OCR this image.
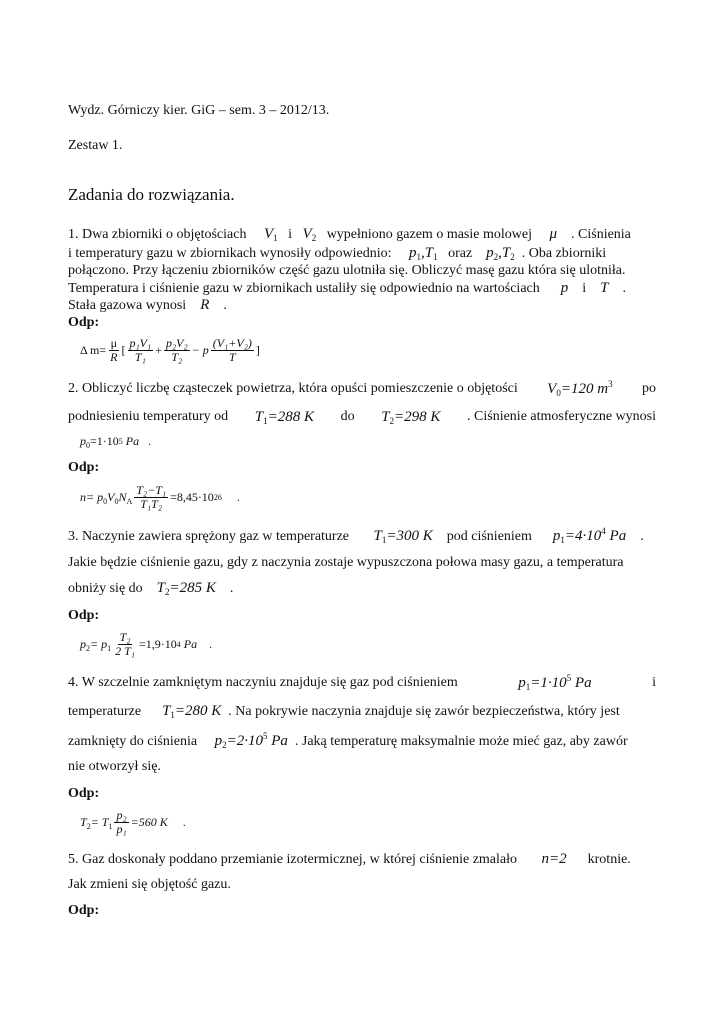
Wydz. Górniczy kier. GiG – sem. 3 – 2012/13.
Zestaw 1.
Zadania do rozwiązania.
1. Dwa zbiorniki o objętościach $V_1$ i $V_2$ wypełniono gazem o masie molowej μ . Ciśnienia
i temperatury gazu w zbiornikach wynosiły odpowiednio: $p_1,T_1$ oraz $p_2,T_2$ . Oba zbiorniki
połączono. Przy łączeniu zbiorników część gazu ulotniła się. Obliczyć masę gazu która się ulotniła.
Temperatura i ciśnienie gazu w zbiornikach ustaliły się odpowiednio na wartościach p i T .
Stała gazowa wynosi R .
Odp:
Δ $m= \frac{\mu}{R}$ [ $\frac{\text{p₁V₁}}{\text{T₁}} + \frac{\text{p₂V₂}}{\text{T₂}} - p \frac{\text{(V₁+V₂)}}{T}$ ]
2. Obliczyć liczbę cząsteczek powietrza, która opuści pomieszczenie o objętości $V_0=120$ $m^3$ po
podniesieniu temperatury od $T_1=288$ K do $T_2=298$ K . Ciśnienie atmosferyczne wynosi
$p_0 =1\cdot 10$ 5
Pa
.
Odp:
$n= p_0$ $V_0$ $N_A \frac{\text{T₂−T₁}}{\text{T₁T₂}} =8,45\cdot 10$ 26
.
3. Naczynie zawiera sprężony gaz w temperaturze $T_1=300$ K pod ciśnieniem $p_1=4\cdot 10^4$ Pa .
Jakie będzie ciśnienie gazu, gdy z naczynia zostaje wypuszczona połowa masy gazu, a temperatura
obniży się do $T_2=285$ K .
Odp:
$p_2 = p_1 \frac{\text{T₂}}{\text{2 T₁}} =1,9\cdot 10$ 4
Pa
.
4. W szczelnie zamkniętym naczyniu znajduje się gaz pod ciśnieniem	$p_1=1\cdot 10^5$ Pa	i
temperaturze $T_1=280$ K . Na pokrywie naczynia znajduje się zawór bezpieczeństwa, który jest
zamknięty do ciśnienia $p_2=2\cdot 10^5$ Pa . Jaką temperaturę maksymalnie może mieć gaz, aby zawór
nie otworzył się.
Odp:
$T_2 = T_1 \frac{\text{p₂}}{\text{p₁}} =560$ K
.
5. Gaz doskonały poddano przemianie izotermicznej, w której ciśnienie zmalało n=2 krotnie.
Jak zmieni się objętość gazu.
Odp:
